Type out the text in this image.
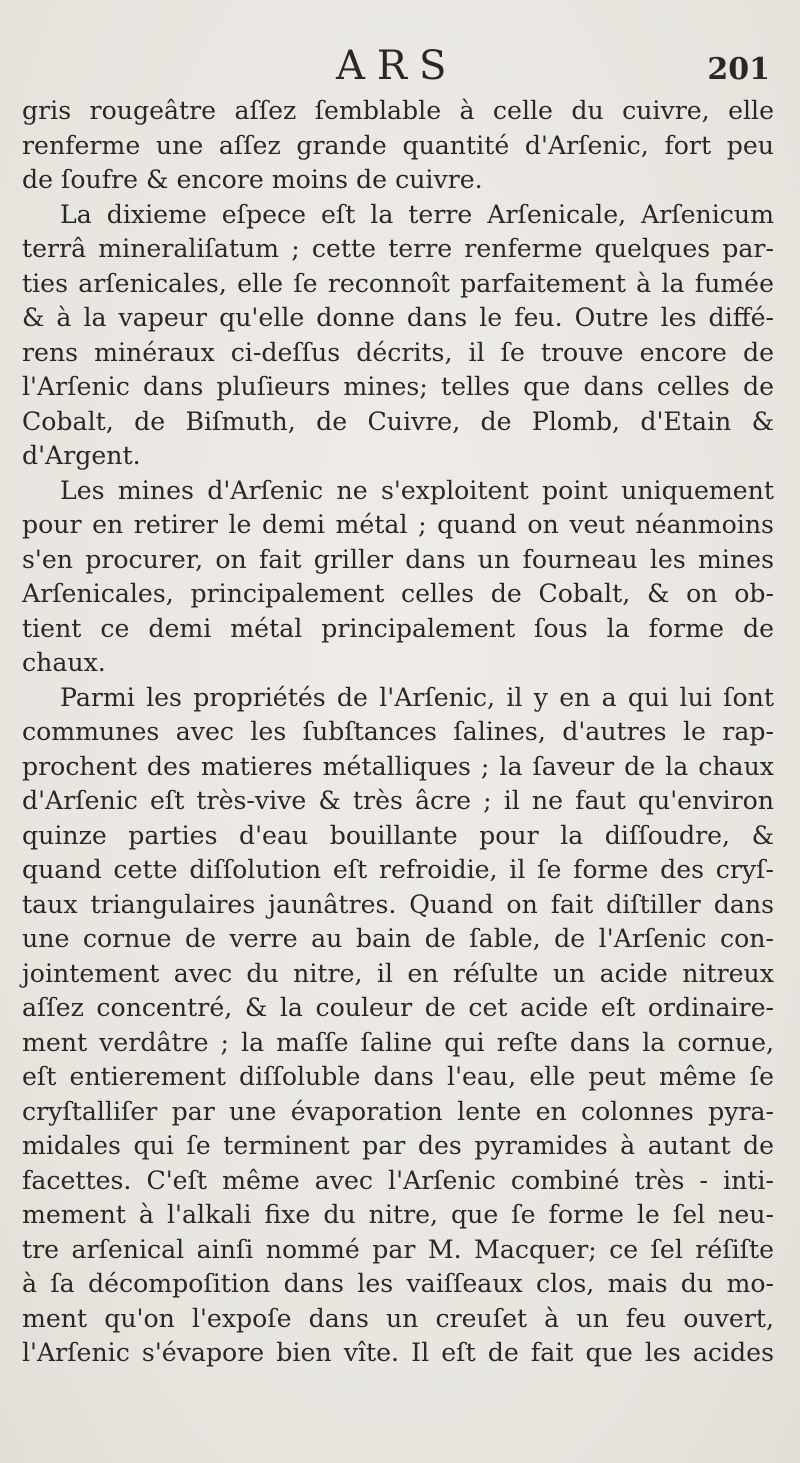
ARS	201
gris rougeâtre aſſez ſemblable à celle du cuivre, elle
renferme une aſſez grande quantité d'Arſenic, fort peu
de ſoufre & encore moins de cuivre.
La dixieme eſpece eſt la terre Arſenicale, Arſenicum
terrâ mineraliſatum ; cette terre renferme quelques par-
ties arſenicales, elle ſe reconnoît parfaitement à la fumée
& à la vapeur qu'elle donne dans le feu. Outre les diffé-
rens minéraux ci-deſſus décrits, il ſe trouve encore de
l'Arſenic dans pluſieurs mines; telles que dans celles de
Cobalt, de Biſmuth, de Cuivre, de Plomb, d'Etain &
d'Argent.
Les mines d'Arſenic ne s'exploitent point uniquement
pour en retirer le demi métal ; quand on veut néanmoins
s'en procurer, on fait griller dans un fourneau les mines
Arſenicales, principalement celles de Cobalt, & on ob-
tient ce demi métal principalement ſous la forme de
chaux.
Parmi les propriétés de l'Arſenic, il y en a qui lui ſont
communes avec les ſubſtances ſalines, d'autres le rap-
prochent des matieres métalliques ; la ſaveur de la chaux
d'Arſenic eſt très-vive & très âcre ; il ne faut qu'environ
quinze parties d'eau bouillante pour la diſſoudre, &
quand cette diſſolution eſt refroidie, il ſe forme des cryſ-
taux triangulaires jaunâtres. Quand on fait diſtiller dans
une cornue de verre au bain de ſable, de l'Arſenic con-
jointement avec du nitre, il en réſulte un acide nitreux
aſſez concentré, & la couleur de cet acide eſt ordinaire-
ment verdâtre ; la maſſe ſaline qui reſte dans la cornue,
eſt entierement diſſoluble dans l'eau, elle peut même ſe
cryſtalliſer par une évaporation lente en colonnes pyra-
midales qui ſe terminent par des pyramides à autant de
facettes. C'eſt même avec l'Arſenic combiné très - inti-
mement à l'alkali fixe du nitre, que ſe forme le ſel neu-
tre arſenical ainſi nommé par M. Macquer; ce ſel réſiſte
à ſa décompoſition dans les vaiſſeaux clos, mais du mo-
ment qu'on l'expoſe dans un creuſet à un feu ouvert,
l'Arſenic s'évapore bien vîte. Il eſt de fait que les acides
